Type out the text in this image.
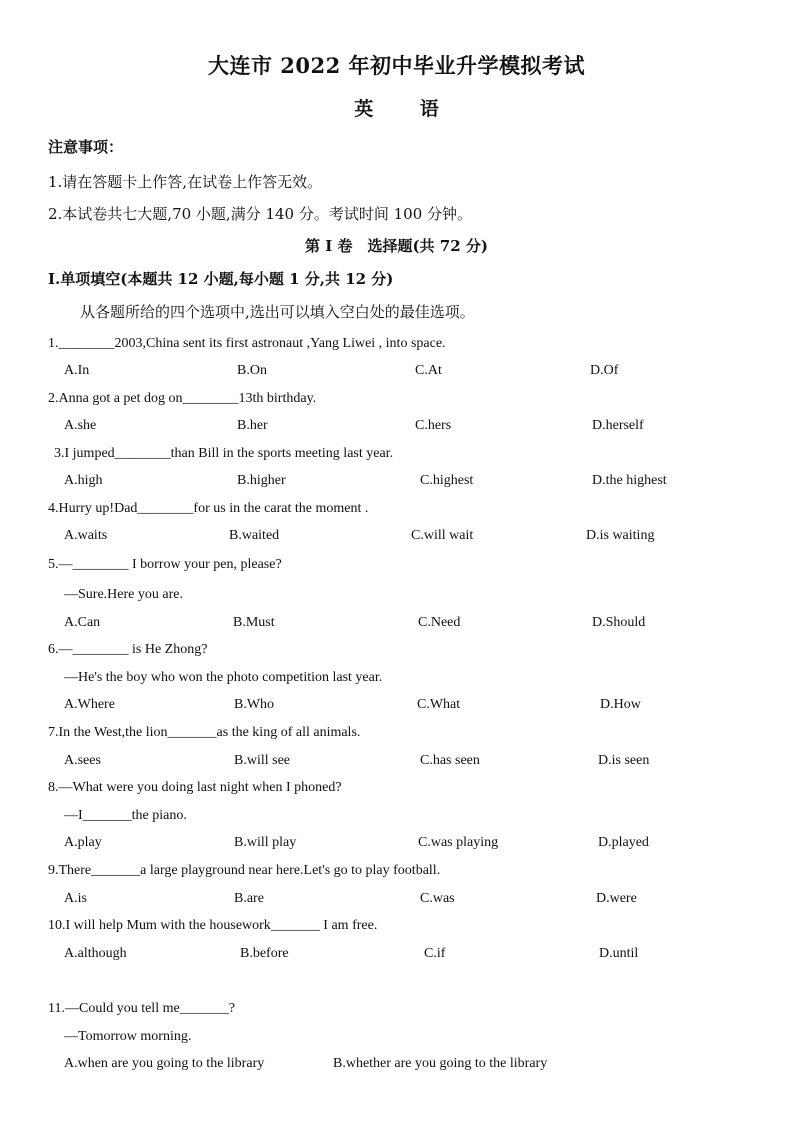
大连市 2022 年初中毕业升学模拟考试
英 语
注意事项：
1.请在答题卡上作答,在试卷上作答无效。
2.本试卷共七大题,70 小题,满分 140 分。考试时间 100 分钟。
第 I 卷　选择题(共 72 分)
I.单项填空(本题共 12 小题,每小题 1 分,共 12 分)
从各题所给的四个选项中,选出可以填入空白处的最佳选项。
1.________2003,China sent its first astronaut ,Yang Liwei , into space.
A.In	B.On	C.At	D.Of
2.Anna got a pet dog on________13th birthday.
A.she	B.her	C.hers	D.herself
3.I jumped________than Bill in the sports meeting last year.
A.high	B.higher	C.highest	D.the highest
4.Hurry up!Dad________for us in the carat the moment .
A.waits	B.waited	C.will wait	D.is waiting
5.—________ I borrow your pen, please?
—Sure.Here you are.
A.Can	B.Must	C.Need	D.Should
6.—________ is He Zhong?
—He's the boy who won the photo competition last year.
A.Where	B.Who	C.What	D.How
7.In the West,the lion_______as the king of all animals.
A.sees	B.will see	C.has seen	D.is seen
8.—What were you doing last night when I phoned?
—I_______the piano.
A.play	B.will play	C.was playing	D.played
9.There_______a large playground near here.Let's go to play football.
A.is	B.are	C.was	D.were
10.I will help Mum with the housework_______ I am free.
A.although	B.before	C.if	D.until
11.—Could you tell me_______?
—Tomorrow morning.
A.when are you going to the library	B.whether are you going to the library
